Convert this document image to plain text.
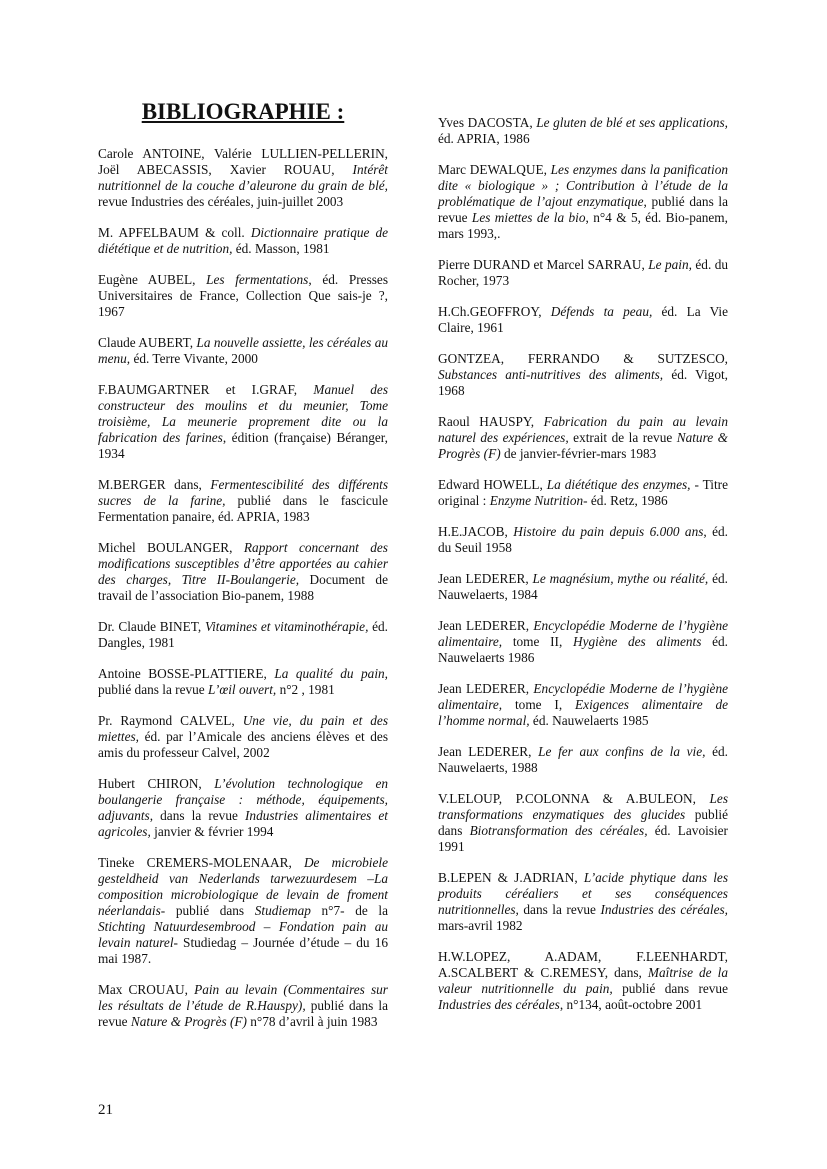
BIBLIOGRAPHIE :

Carole ANTOINE, Valérie LULLIEN-PELLERIN, Joël ABECASSIS, Xavier ROUAU, Intérêt nutritionnel de la couche d’aleurone du grain de blé, revue Industries des céréales, juin-juillet 2003

M. APFELBAUM & coll. Dictionnaire pratique de diététique et de nutrition, éd. Masson, 1981

Eugène AUBEL, Les fermentations, éd. Presses Universitaires de France, Collection Que sais-je ?, 1967

Claude AUBERT, La nouvelle assiette, les céréales au menu, éd. Terre Vivante, 2000

F.BAUMGARTNER et I.GRAF, Manuel des constructeur des moulins et du meunier, Tome troisième, La meunerie proprement dite ou la fabrication des farines, édition (française) Béranger, 1934

M.BERGER dans, Fermentescibilité des différents sucres de la farine, publié dans le fascicule Fermentation panaire, éd. APRIA, 1983

Michel BOULANGER, Rapport concernant des modifications susceptibles d’être apportées au cahier des charges, Titre II-Boulangerie, Document de travail de l’association Bio-panem, 1988

Dr. Claude BINET, Vitamines et vitaminothérapie, éd. Dangles, 1981

Antoine BOSSE-PLATTIERE, La qualité du pain, publié dans la revue L’œil ouvert, n°2 , 1981

Pr. Raymond CALVEL, Une vie, du pain et des miettes, éd. par l’Amicale des anciens élèves et des amis du professeur Calvel, 2002

Hubert CHIRON, L’évolution technologique en boulangerie française : méthode, équipements, adjuvants, dans la revue Industries alimentaires et agricoles, janvier & février 1994

Tineke CREMERS-MOLENAAR, De microbiele gesteldheid van Nederlands tarwezuurdesem –La composition microbiologique de levain de froment néerlandais- publié dans Studiemap n°7- de la Stichting Natuurdesembrood – Fondation pain au levain naturel- Studiedag – Journée d’étude – du 16 mai 1987.

Max CROUAU, Pain au levain (Commentaires sur les résultats de l’étude de R.Hauspy), publié dans la revue Nature & Progrès (F) n°78 d’avril à juin 1983

Yves DACOSTA, Le gluten de blé et ses applications, éd. APRIA, 1986

Marc DEWALQUE, Les enzymes dans la panification dite « biologique » ; Contribution à l’étude de la problématique de l’ajout enzymatique, publié dans la revue Les miettes de la bio, n°4 & 5, éd. Bio-panem, mars 1993,.

Pierre DURAND et Marcel SARRAU, Le pain, éd. du Rocher, 1973

H.Ch.GEOFFROY, Défends ta peau, éd. La Vie Claire, 1961

GONTZEA, FERRANDO & SUTZESCO, Substances anti-nutritives des aliments, éd. Vigot, 1968

Raoul HAUSPY, Fabrication du pain au levain naturel des expériences, extrait de la revue Nature & Progrès (F) de janvier-février-mars 1983

Edward HOWELL, La diététique des enzymes, - Titre original : Enzyme Nutrition- éd. Retz, 1986

H.E.JACOB, Histoire du pain depuis 6.000 ans, éd. du Seuil 1958

Jean LEDERER, Le magnésium, mythe ou réalité, éd. Nauwelaerts, 1984

Jean LEDERER, Encyclopédie Moderne de l’hygiène alimentaire, tome II, Hygiène des aliments éd. Nauwelaerts 1986

Jean LEDERER, Encyclopédie Moderne de l’hygiène alimentaire, tome I, Exigences alimentaire de l’homme normal, éd. Nauwelaerts 1985

Jean LEDERER, Le fer aux confins de la vie, éd. Nauwelaerts, 1988

V.LELOUP, P.COLONNA & A.BULEON, Les transformations enzymatiques des glucides publié dans Biotransformation des céréales, éd. Lavoisier 1991

B.LEPEN & J.ADRIAN, L’acide phytique dans les produits céréaliers et ses conséquences nutritionnelles, dans la revue Industries des céréales, mars-avril 1982

H.W.LOPEZ, A.ADAM, F.LEENHARDT, A.SCALBERT & C.REMESY, dans, Maîtrise de la valeur nutritionnelle du pain, publié dans revue Industries des céréales, n°134, août-octobre 2001

21
